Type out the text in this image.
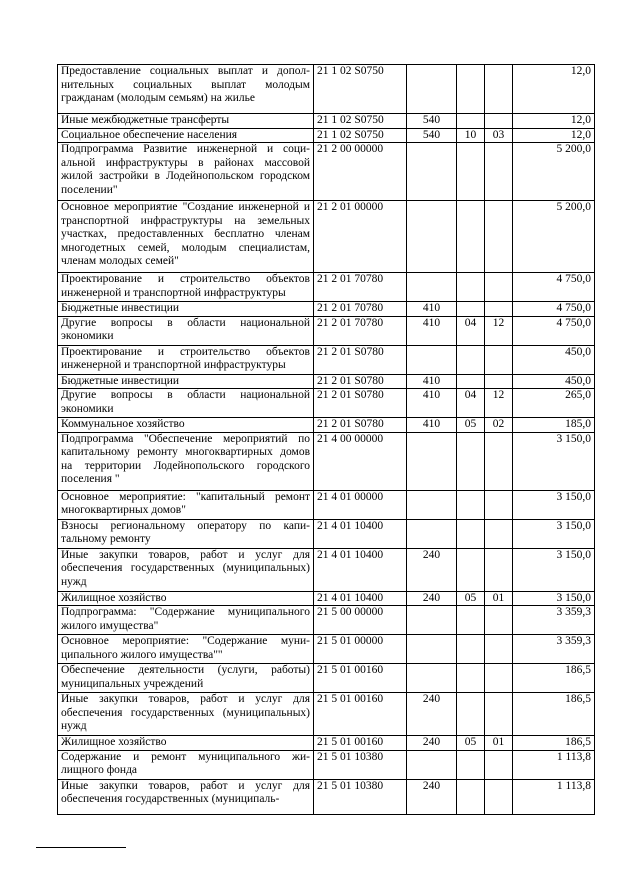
Предоставление социальных выплат и дополнительных социальных выплат молодым гражданам (молодым семьям) на жилье	21 1 02 S0750				12,0
Иные межбюджетные трансферты	21 1 02 S0750	540			12,0
Социальное обеспечение населения	21 1 02 S0750	540	10	03	12,0
Подпрограмма Развитие инженерной и социальной инфраструктуры в районах массовой жилой застройки в Лодейнопольском городском поселении"	21 2 00 00000				5 200,0
Основное мероприятие "Создание инженерной и транспортной инфраструктуры на земельных участках, предоставленных бесплатно членам многодетных семей, молодым специалистам, членам молодых семей"	21 2 01 00000				5 200,0
Проектирование и строительство объектов инженерной и транспортной инфраструктуры	21 2 01 70780				4 750,0
Бюджетные инвестиции	21 2 01 70780	410			4 750,0
Другие вопросы в области национальной экономики	21 2 01 70780	410	04	12	4 750,0
Проектирование и строительство объектов инженерной и транспортной инфраструктуры	21 2 01 S0780				450,0
Бюджетные инвестиции	21 2 01 S0780	410			450,0
Другие вопросы в области национальной экономики	21 2 01 S0780	410	04	12	265,0
Коммунальное хозяйство	21 2 01 S0780	410	05	02	185,0
Подпрограмма "Обеспечение мероприятий по капитальному ремонту многоквартирных домов на территории Лодейнопольского городского поселения "	21 4 00 00000				3 150,0
Основное мероприятие: "капитальный ремонт многоквартирных домов"	21 4 01 00000				3 150,0
Взносы региональному оператору по капитальному ремонту	21 4 01 10400				3 150,0
Иные закупки товаров, работ и услуг для обеспечения государственных (муниципальных) нужд	21 4 01 10400	240			3 150,0
Жилищное хозяйство	21 4 01 10400	240	05	01	3 150,0
Подпрограмма: "Содержание муниципального жилого имущества"	21 5 00 00000				3 359,3
Основное мероприятие: "Содержание муниципального жилого имущества""	21 5 01 00000				3 359,3
Обеспечение деятельности (услуги, работы) муниципальных учреждений	21 5 01 00160				186,5
Иные закупки товаров, работ и услуг для обеспечения государственных (муниципальных) нужд	21 5 01 00160	240			186,5
Жилищное хозяйство	21 5 01 00160	240	05	01	186,5
Содержание и ремонт муниципального жилищного фонда	21 5 01 10380				1 113,8
Иные закупки товаров, работ и услуг для обеспечения государственных (муниципаль-	21 5 01 10380	240			1 113,8
